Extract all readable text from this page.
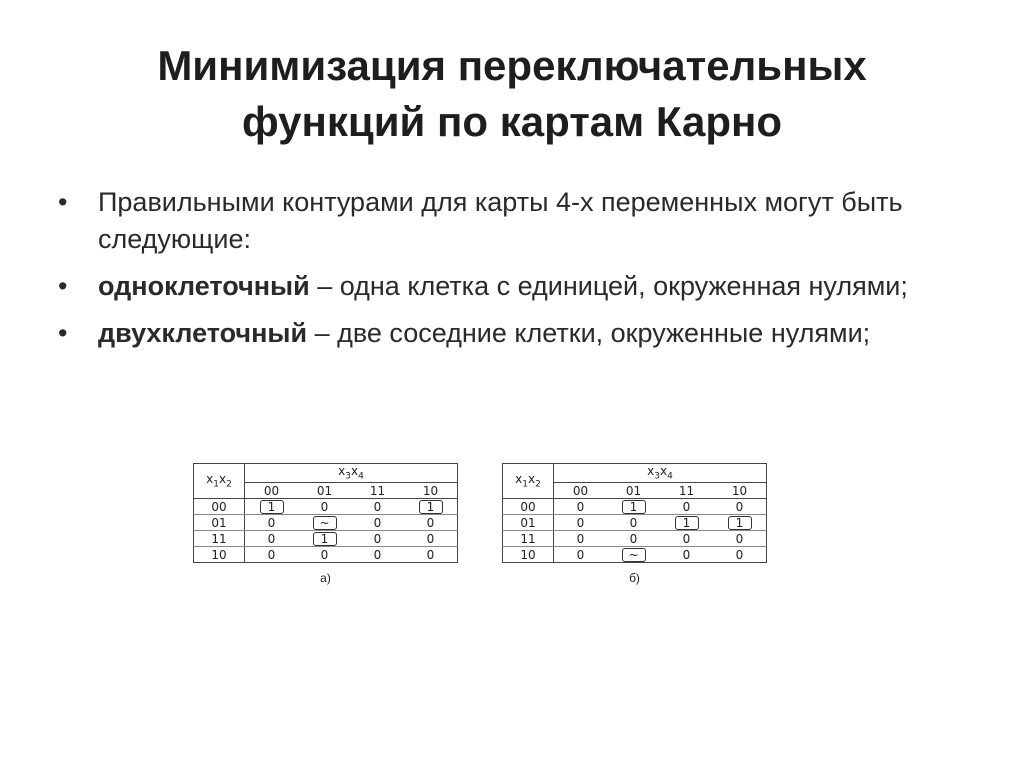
Минимизация переключательных
функций по картам Карно
• Правильными контурами для карты 4-х переменных могут быть следующие:
• одноклеточный – одна клетка с единицей, окруженная нулями;
• двухклеточный – две соседние клетки, окруженные нулями;
$x_1x_2$	$x_3x_4$
	00	01	11	10
00	1	0	0	1
01	0	~	0	0
11	0	1	0	0
10	0	0	0	0
а)
$x_1x_2$	$x_3x_4$
	00	01	11	10
00	0	1	0	0
01	0	0	1	1
11	0	0	0	0
10	0	~	0	0
б)
